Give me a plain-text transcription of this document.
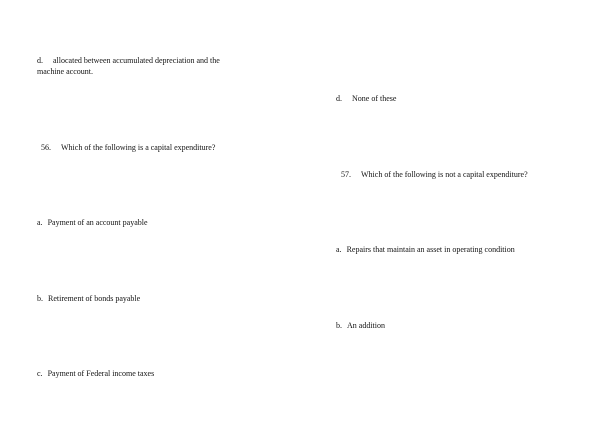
d. allocated between accumulated depreciation and the
machine account.
d. None of these
56. Which of the following is a capital expenditure?
57. Which of the following is not a capital expenditure?
a. Payment of an account payable
a. Repairs that maintain an asset in operating condition
b. Retirement of bonds payable
b. An addition
c. Payment of Federal income taxes
